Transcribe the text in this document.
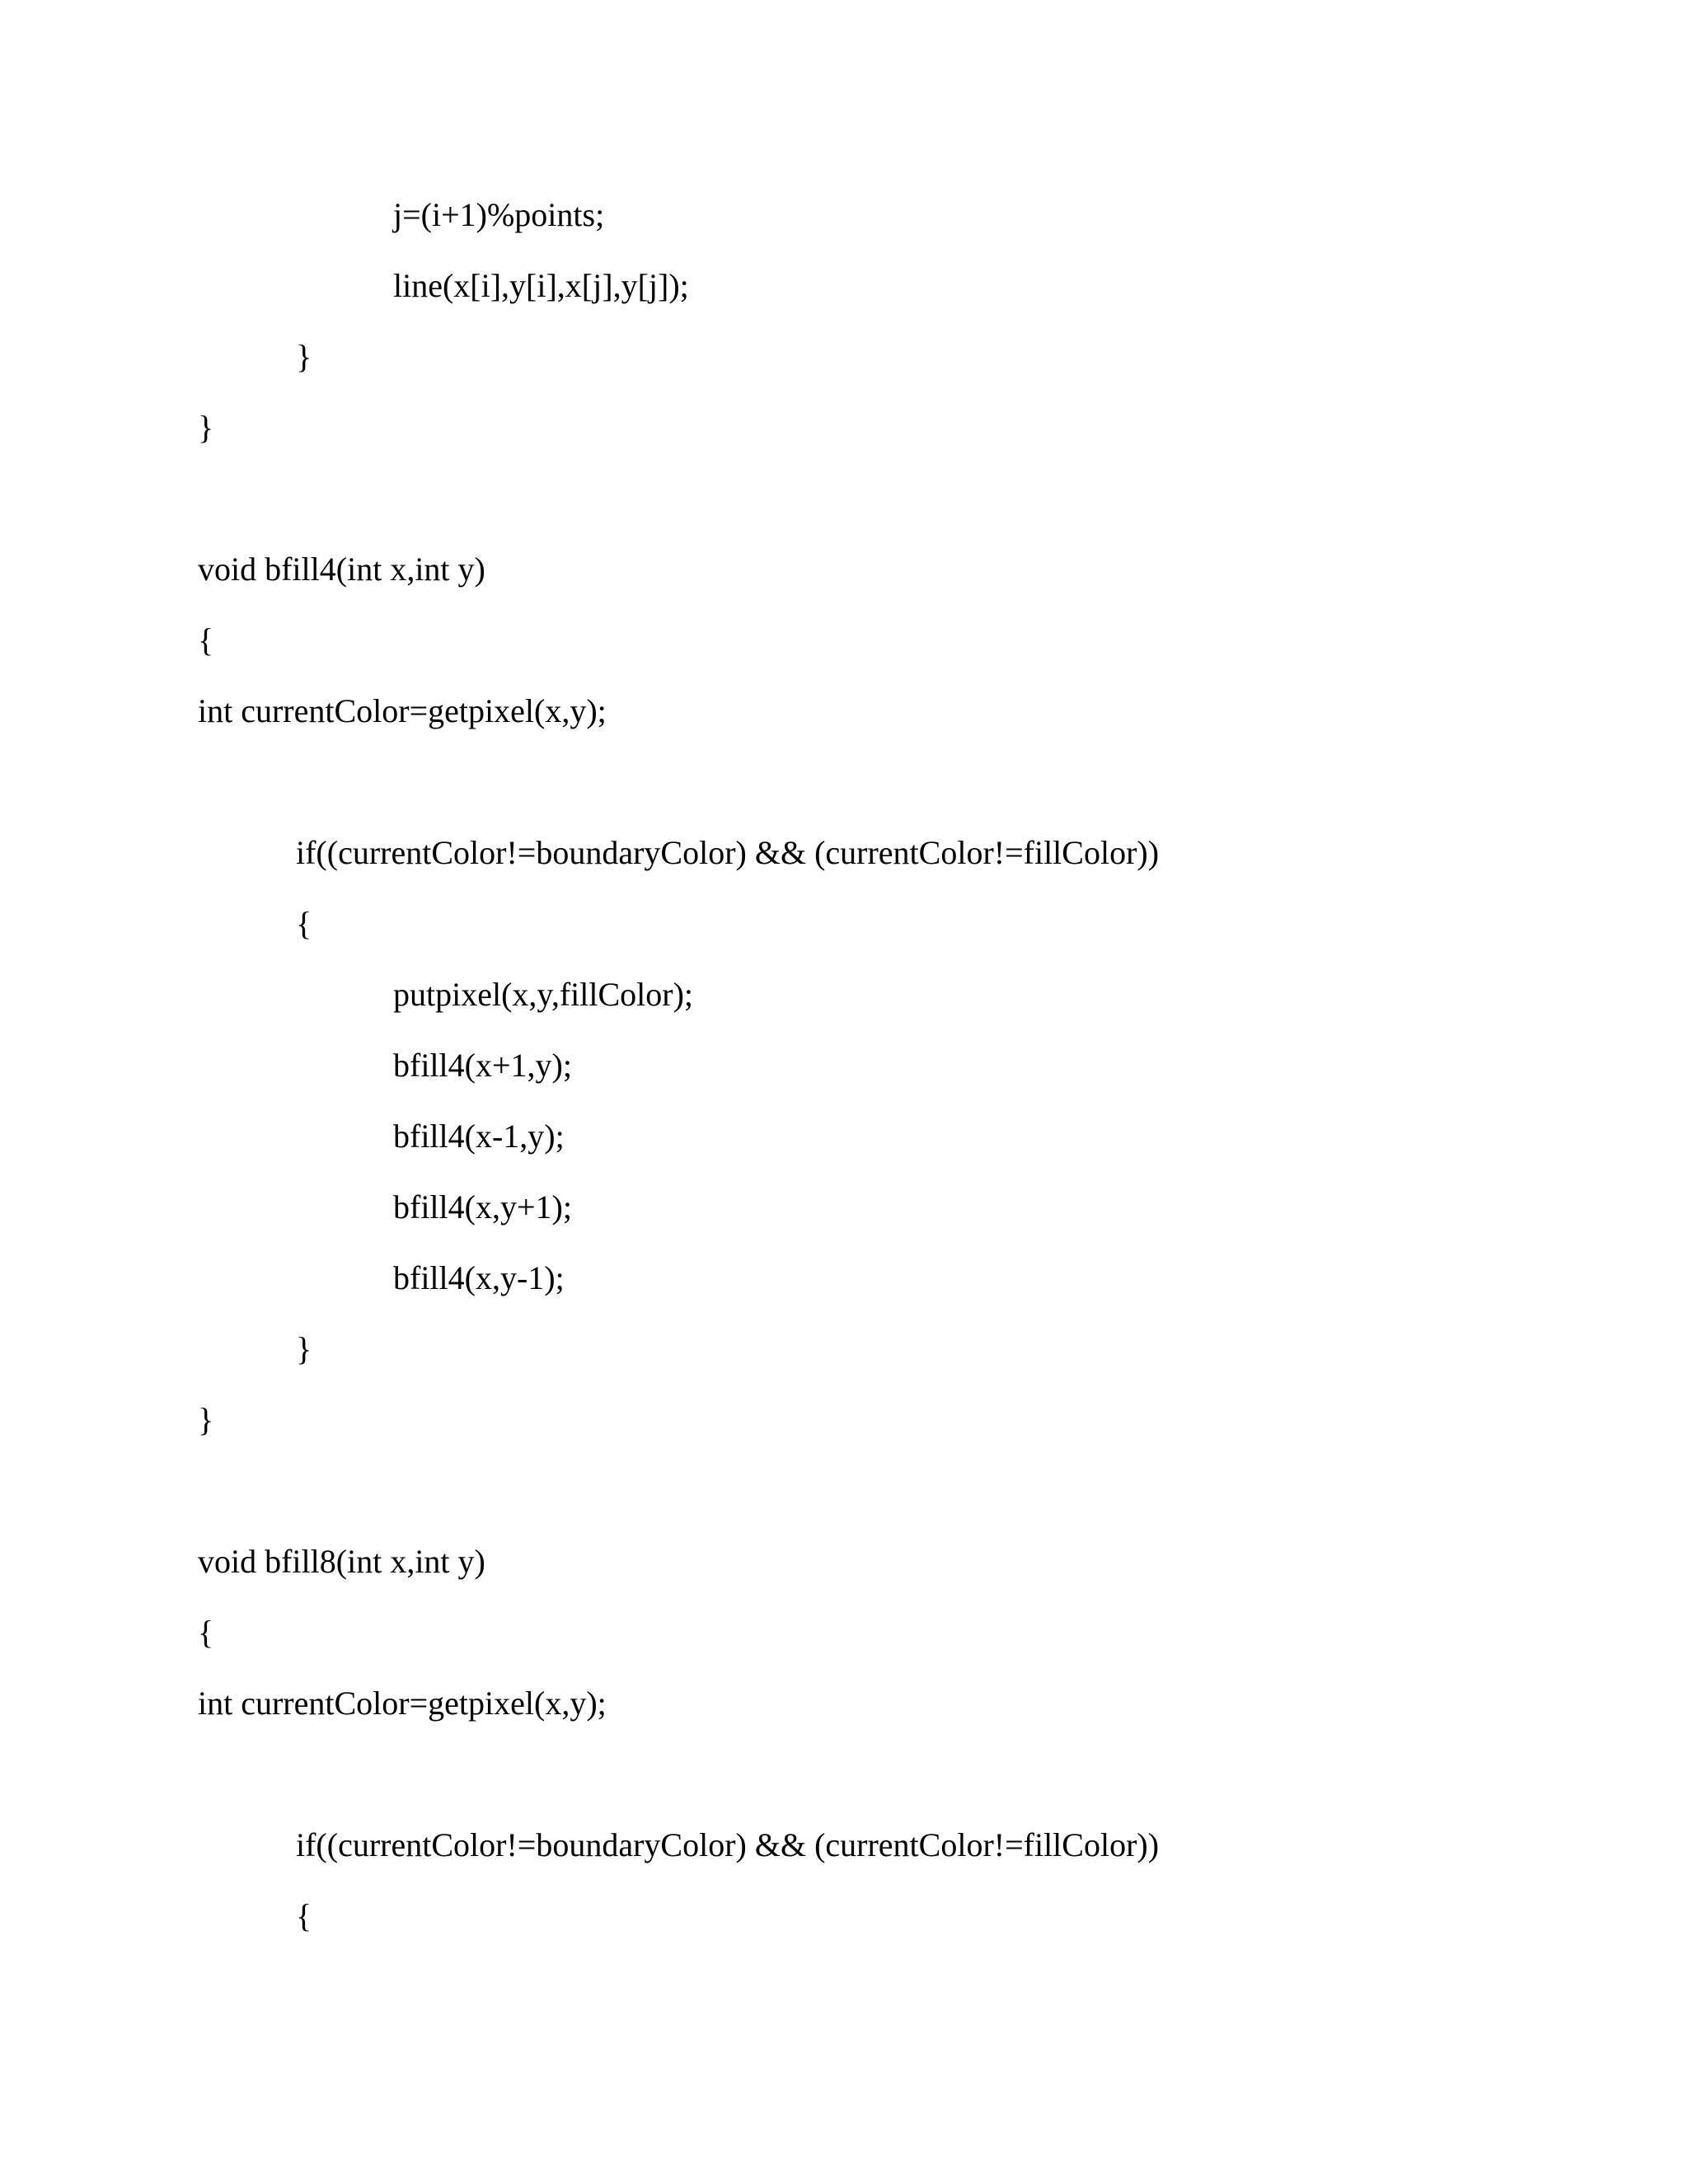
j=(i+1)%points;

line(x[i],y[i],x[j],y[j]);

}

}

void bfill4(int x,int y)

{

int currentColor=getpixel(x,y);

if((currentColor!=boundaryColor) && (currentColor!=fillColor))

{

putpixel(x,y,fillColor);

bfill4(x+1,y);

bfill4(x-1,y);

bfill4(x,y+1);

bfill4(x,y-1);

}

}

void bfill8(int x,int y)

{

int currentColor=getpixel(x,y);

if((currentColor!=boundaryColor) && (currentColor!=fillColor))

{
